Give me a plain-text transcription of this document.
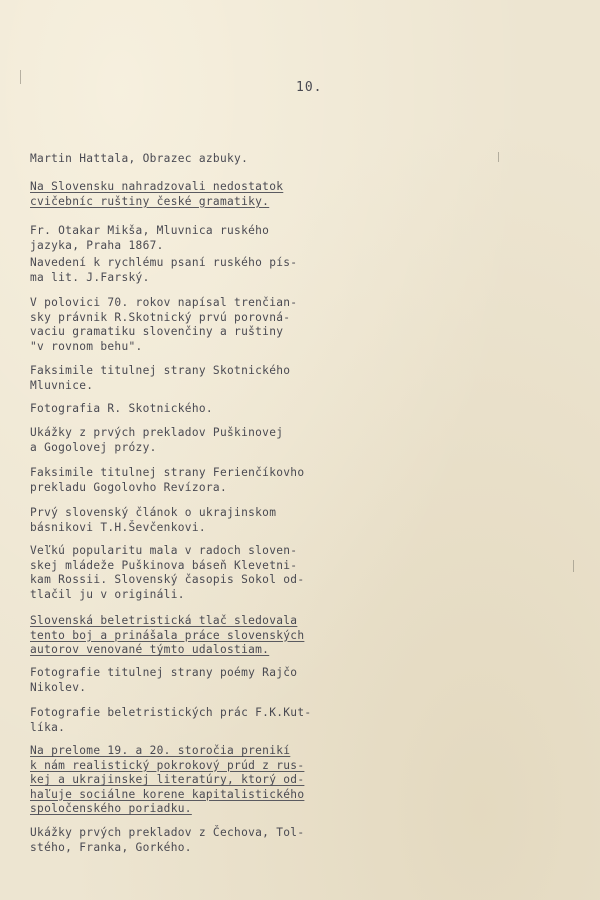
10.
Martin Hattala, Obrazec azbuky.
Na Slovensku nahradzovali nedostatok
cvičebníc ruštiny české gramatiky.
Fr. Otakar Mikša, Mluvnica ruského
jazyka, Praha 1867.
Navedení k rychlému psaní ruského pís-
ma lit. J.Farský.
V polovici 70. rokov napísal trenčian-
sky právnik R.Skotnický prvú porovná-
vaciu gramatiku slovenčiny a ruštiny
"v rovnom behu".
Faksimile titulnej strany Skotnického
Mluvnice.
Fotografia R. Skotnického.
Ukážky z prvých prekladov Puškinovej
a Gogolovej prózy.
Faksimile titulnej strany Ferienčíkovho
prekladu Gogolovho Revízora.
Prvý slovenský článok o ukrajinskom
básnikovi T.H.Ševčenkovi.
Veľkú popularitu mala v radoch sloven-
skej mládeže Puškinova báseň Klevetni-
kam Rossii. Slovenský časopis Sokol od-
tlačil ju v origináli.
Slovenská beletristická tlač sledovala
tento boj a prinášala práce slovenských
autorov venované týmto udalostiam.
Fotografie titulnej strany poémy Rajčo
Nikolev.
Fotografie beletristických prác F.K.Kut-
líka.
Na prelome 19. a 20. storočia prenikí
k nám realistický pokrokový prúd z rus-
kej a ukrajinskej literatúry, ktorý od-
haľuje sociálne korene kapitalistického
spoločenského poriadku.
Ukážky prvých prekladov z Čechova, Tol-
stého, Franka, Gorkého.
